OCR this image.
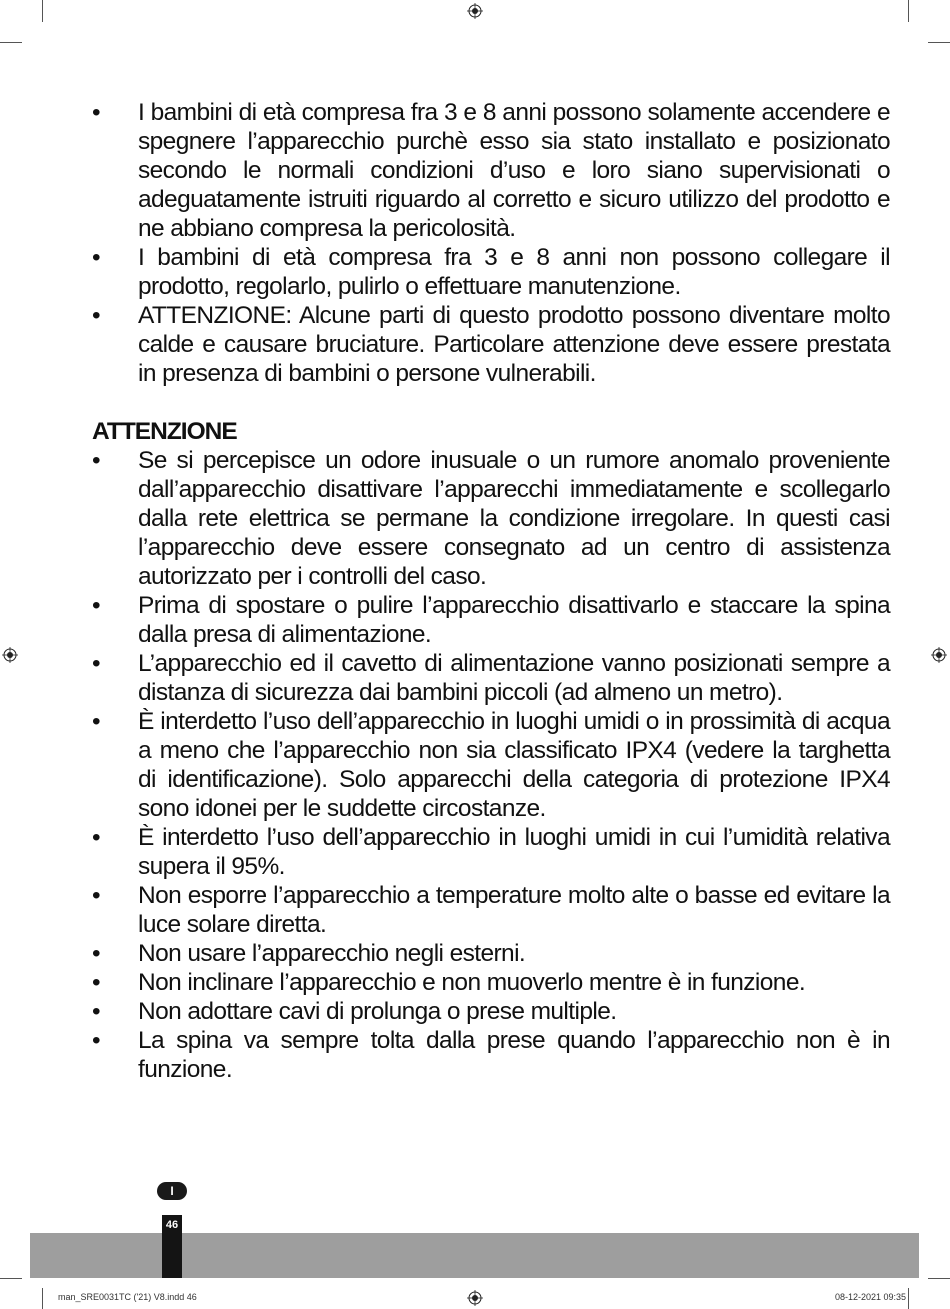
• I bambini di età compresa fra 3 e 8 anni possono solamente accendere e spegnere l’apparecchio purchè esso sia stato installato e posizionato secondo le normali condizioni d’uso e loro siano supervisionati o adeguatamente istruiti riguardo al corretto e sicuro utilizzo del prodotto e ne abbiano compresa la pericolosità.
• I bambini di età compresa fra 3 e 8 anni non possono collegare il prodotto, regolarlo, pulirlo o effettuare manutenzione.
• ATTENZIONE: Alcune parti di questo prodotto possono diventare molto calde e causare bruciature. Particolare attenzione deve essere prestata in presenza di bambini o persone vulnerabili.
ATTENZIONE
• Se si percepisce un odore inusuale o un rumore anomalo proveniente dall’apparecchio disattivare l’apparecchi immediatamente e scollegarlo dalla rete elettrica se permane la condizione irregolare. In questi casi l’apparecchio deve essere consegnato ad un centro di assistenza autorizzato per i controlli del caso.
• Prima di spostare o pulire l’apparecchio disattivarlo e staccare la spina dalla presa di alimentazione.
• L’apparecchio ed il cavetto di alimentazione vanno posizionati sempre a distanza di sicurezza dai bambini piccoli (ad almeno un metro).
• È interdetto l’uso dell’apparecchio in luoghi umidi o in prossimità di acqua a meno che l’apparecchio non sia classificato IPX4 (vedere la targhetta di identificazione). Solo apparecchi della categoria di protezione IPX4 sono idonei per le suddette circostanze.
• È interdetto l’uso dell’apparecchio in luoghi umidi in cui l’umidità relativa supera il 95%.
• Non esporre l’apparecchio a temperature molto alte o basse ed evitare la luce solare diretta.
• Non usare l’apparecchio negli esterni.
• Non inclinare l’apparecchio e non muoverlo mentre è in funzione.
• Non adottare cavi di prolunga o prese multiple.
• La spina va sempre tolta dalla prese quando l’apparecchio non è in funzione.
I
46
man_SRE0031TC ('21) V8.indd 46	08-12-2021 09:35
